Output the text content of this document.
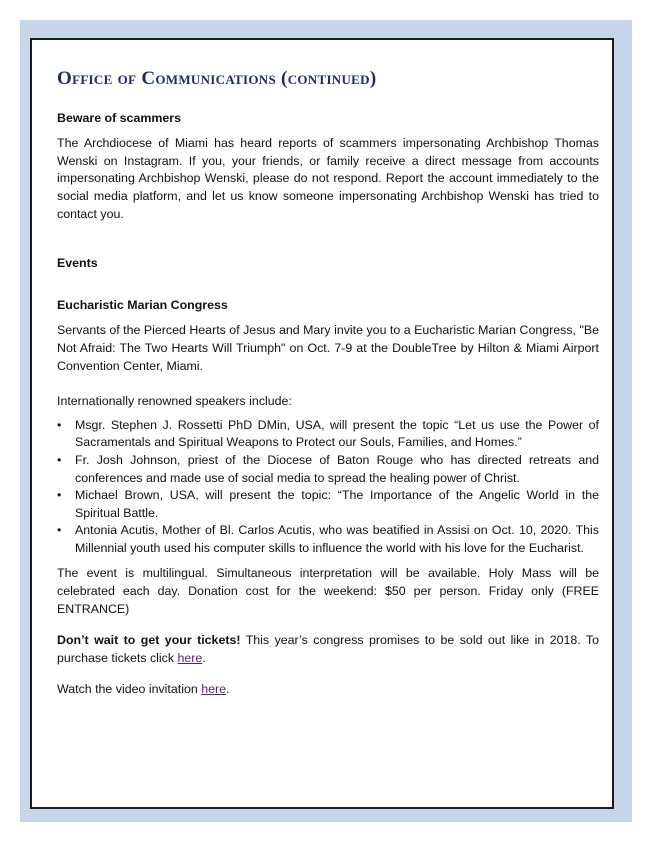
Office of Communications (continued)

Beware of scammers

The Archdiocese of Miami has heard reports of scammers impersonating Archbishop Thomas Wenski on Instagram. If you, your friends, or family receive a direct message from accounts impersonating Archbishop Wenski, please do not respond. Report the account immediately to the social media platform, and let us know someone impersonating Archbishop Wenski has tried to contact you.

Events

Eucharistic Marian Congress

Servants of the Pierced Hearts of Jesus and Mary invite you to a Eucharistic Marian Congress, "Be Not Afraid: The Two Hearts Will Triumph" on Oct. 7-9 at the DoubleTree by Hilton & Miami Airport Convention Center, Miami.

Internationally renowned speakers include:

•	Msgr. Stephen J. Rossetti PhD DMin, USA, will present the topic “Let us use the Power of Sacramentals and Spiritual Weapons to Protect our Souls, Families, and Homes.”
•	Fr. Josh Johnson, priest of the Diocese of Baton Rouge who has directed retreats and conferences and made use of social media to spread the healing power of Christ.
•	Michael Brown, USA, will present the topic: “The Importance of the Angelic World in the Spiritual Battle.
•	Antonia Acutis, Mother of Bl. Carlos Acutis, who was beatified in Assisi on Oct. 10, 2020. This Millennial youth used his computer skills to influence the world with his love for the Eucharist.

The event is multilingual. Simultaneous interpretation will be available. Holy Mass will be celebrated each day. Donation cost for the weekend: $50 per person. Friday only (FREE ENTRANCE)

Don’t wait to get your tickets! This year’s congress promises to be sold out like in 2018. To purchase tickets click here.

Watch the video invitation here.
